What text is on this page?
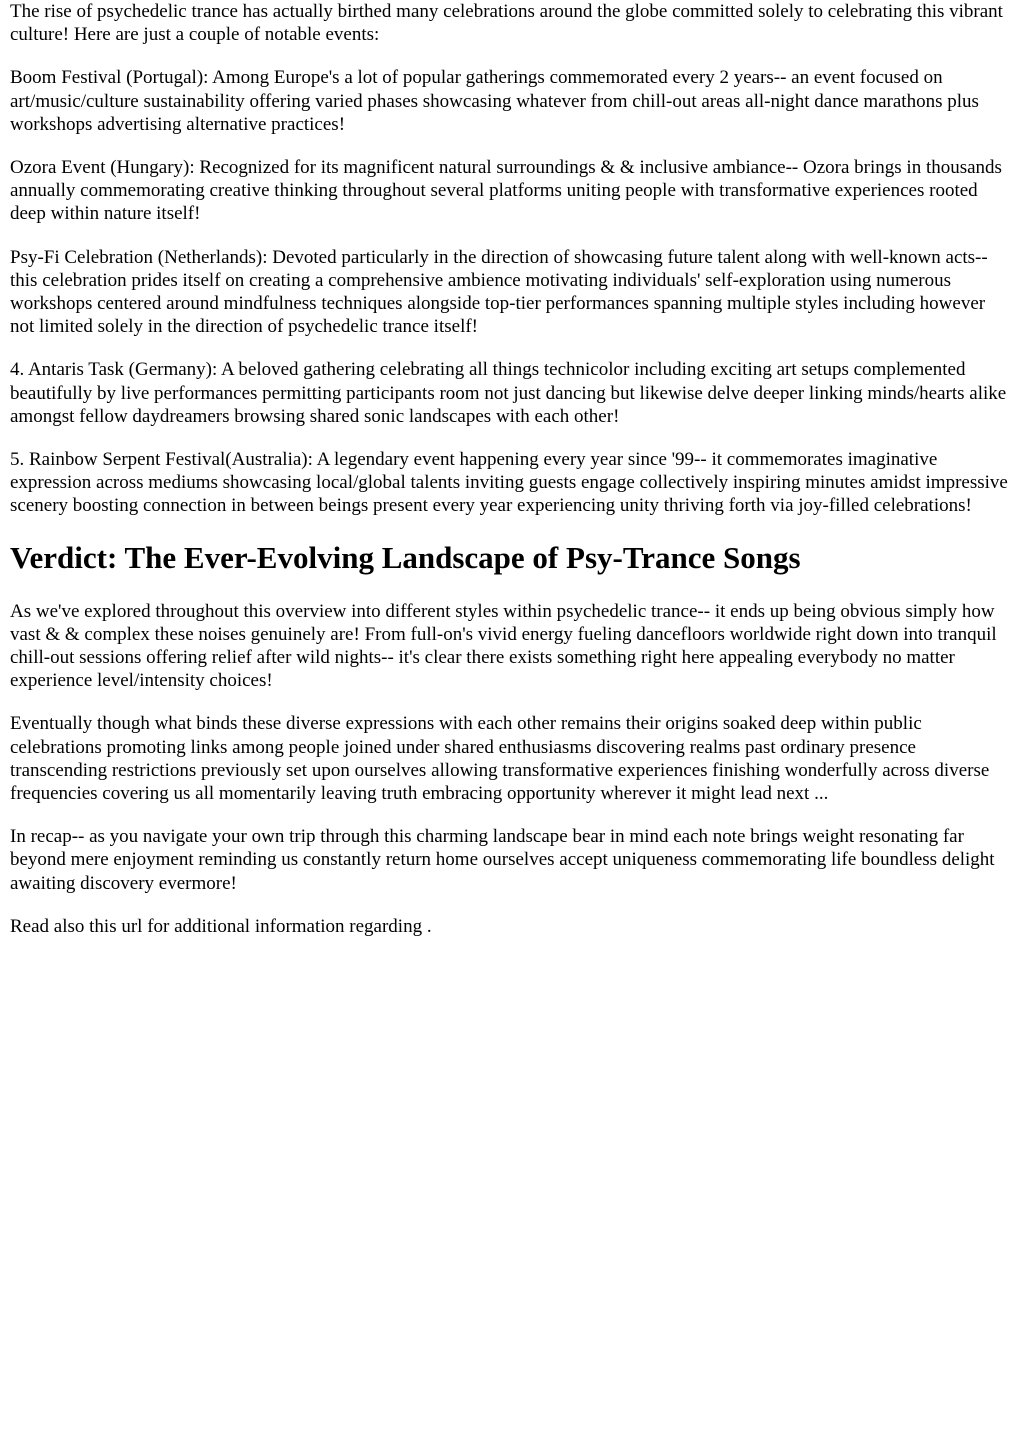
The rise of psychedelic trance has actually birthed many celebrations around the globe committed solely to celebrating this vibrant culture! Here are just a couple of notable events:

Boom Festival (Portugal): Among Europe's a lot of popular gatherings commemorated every 2 years-- an event focused on art/music/culture sustainability offering varied phases showcasing whatever from chill-out areas all-night dance marathons plus workshops advertising alternative practices!

Ozora Event (Hungary): Recognized for its magnificent natural surroundings & & inclusive ambiance-- Ozora brings in thousands annually commemorating creative thinking throughout several platforms uniting people with transformative experiences rooted deep within nature itself!

Psy-Fi Celebration (Netherlands): Devoted particularly in the direction of showcasing future talent along with well-known acts-- this celebration prides itself on creating a comprehensive ambience motivating individuals' self-exploration using numerous workshops centered around mindfulness techniques alongside top-tier performances spanning multiple styles including however not limited solely in the direction of psychedelic trance itself!

4. Antaris Task (Germany): A beloved gathering celebrating all things technicolor including exciting art setups complemented beautifully by live performances permitting participants room not just dancing but likewise delve deeper linking minds/hearts alike amongst fellow daydreamers browsing shared sonic landscapes with each other!

5. Rainbow Serpent Festival(Australia): A legendary event happening every year since '99-- it commemorates imaginative expression across mediums showcasing local/global talents inviting guests engage collectively inspiring minutes amidst impressive scenery boosting connection in between beings present every year experiencing unity thriving forth via joy-filled celebrations!

Verdict: The Ever-Evolving Landscape of Psy-Trance Songs

As we've explored throughout this overview into different styles within psychedelic trance-- it ends up being obvious simply how vast & & complex these noises genuinely are! From full-on's vivid energy fueling dancefloors worldwide right down into tranquil chill-out sessions offering relief after wild nights-- it's clear there exists something right here appealing everybody no matter experience level/intensity choices!

Eventually though what binds these diverse expressions with each other remains their origins soaked deep within public celebrations promoting links among people joined under shared enthusiasms discovering realms past ordinary presence transcending restrictions previously set upon ourselves allowing transformative experiences finishing wonderfully across diverse frequencies covering us all momentarily leaving truth embracing opportunity wherever it might lead next ...

In recap-- as you navigate your own trip through this charming landscape bear in mind each note brings weight resonating far beyond mere enjoyment reminding us constantly return home ourselves accept uniqueness commemorating life boundless delight awaiting discovery evermore!

Read also this url for additional information regarding .
